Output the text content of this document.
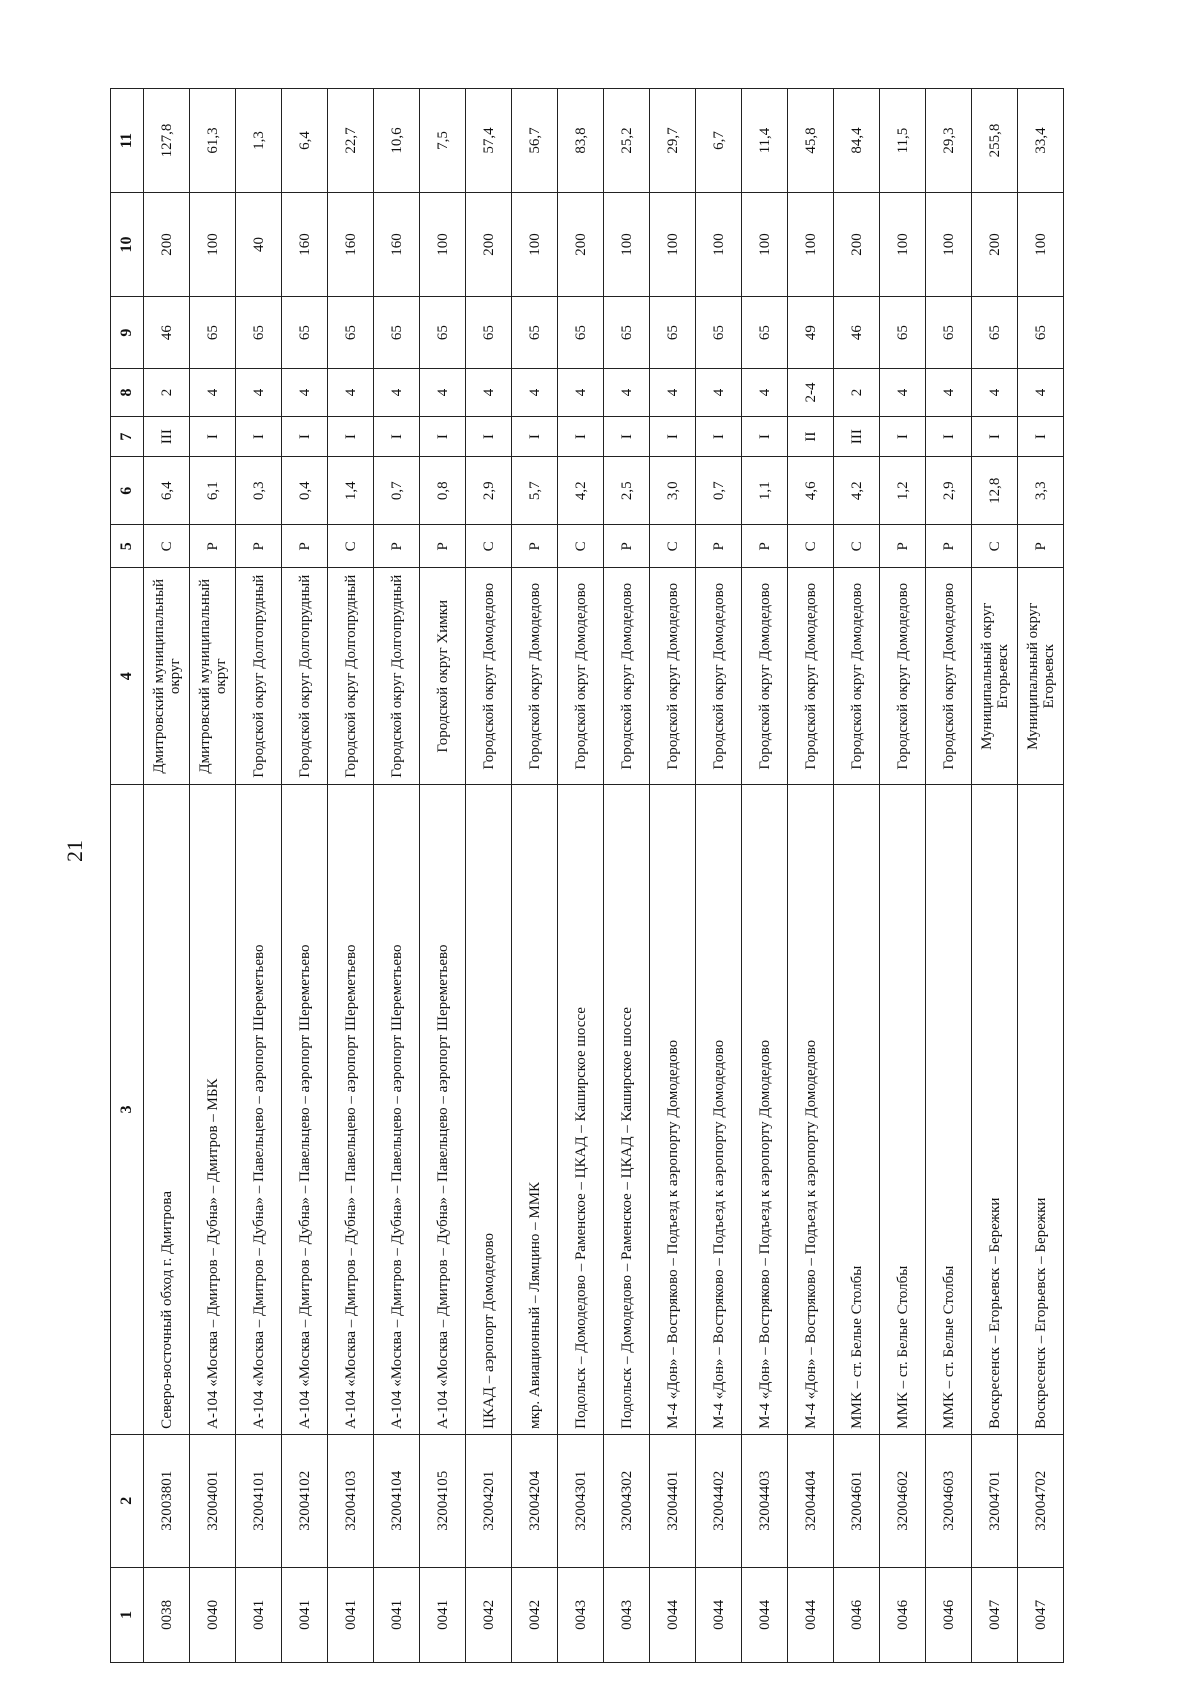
21
1	2	3	4	5	6	7	8	9	10	11
0038	32003801	Северо-восточный обход г. Дмитрова	Дмитровский муниципальный округ	С	6,4	III	2	46	200	127,8
0040	32004001	А-104 «Москва – Дмитров – Дубна» – Дмитров – МБК	Дмитровский муниципальный округ	Р	6,1	I	4	65	100	61,3
0041	32004101	А-104 «Москва – Дмитров – Дубна» – Павельцево – аэропорт Шереметьево	Городской округ Долгопрудный	Р	0,3	I	4	65	40	1,3
0041	32004102	А-104 «Москва – Дмитров – Дубна» – Павельцево – аэропорт Шереметьево	Городской округ Долгопрудный	Р	0,4	I	4	65	160	6,4
0041	32004103	А-104 «Москва – Дмитров – Дубна» – Павельцево – аэропорт Шереметьево	Городской округ Долгопрудный	С	1,4	I	4	65	160	22,7
0041	32004104	А-104 «Москва – Дмитров – Дубна» – Павельцево – аэропорт Шереметьево	Городской округ Долгопрудный	Р	0,7	I	4	65	160	10,6
0041	32004105	А-104 «Москва – Дмитров – Дубна» – Павельцево – аэропорт Шереметьево	Городской округ Химки	Р	0,8	I	4	65	100	7,5
0042	32004201	ЦКАД – аэропорт Домодедово	Городской округ Домодедово	С	2,9	I	4	65	200	57,4
0042	32004204	мкр. Авиационный – Лямцино – ММК	Городской округ Домодедово	Р	5,7	I	4	65	100	56,7
0043	32004301	Подольск – Домодедово – Раменское – ЦКАД – Каширское шоссе	Городской округ Домодедово	С	4,2	I	4	65	200	83,8
0043	32004302	Подольск – Домодедово – Раменское – ЦКАД – Каширское шоссе	Городской округ Домодедово	Р	2,5	I	4	65	100	25,2
0044	32004401	М-4 «Дон» – Востряково – Подъезд к аэропорту Домодедово	Городской округ Домодедово	С	3,0	I	4	65	100	29,7
0044	32004402	М-4 «Дон» – Востряково – Подъезд к аэропорту Домодедово	Городской округ Домодедово	Р	0,7	I	4	65	100	6,7
0044	32004403	М-4 «Дон» – Востряково – Подъезд к аэропорту Домодедово	Городской округ Домодедово	Р	1,1	I	4	65	100	11,4
0044	32004404	М-4 «Дон» – Востряково – Подъезд к аэропорту Домодедово	Городской округ Домодедово	С	4,6	II	2-4	49	100	45,8
0046	32004601	ММК – ст. Белые Столбы	Городской округ Домодедово	С	4,2	III	2	46	200	84,4
0046	32004602	ММК – ст. Белые Столбы	Городской округ Домодедово	Р	1,2	I	4	65	100	11,5
0046	32004603	ММК – ст. Белые Столбы	Городской округ Домодедово	Р	2,9	I	4	65	100	29,3
0047	32004701	Воскресенск – Егорьевск – Бережки	Муниципальный округ Егорьевск	С	12,8	I	4	65	200	255,8
0047	32004702	Воскресенск – Егорьевск – Бережки	Муниципальный округ Егорьевск	Р	3,3	I	4	65	100	33,4
